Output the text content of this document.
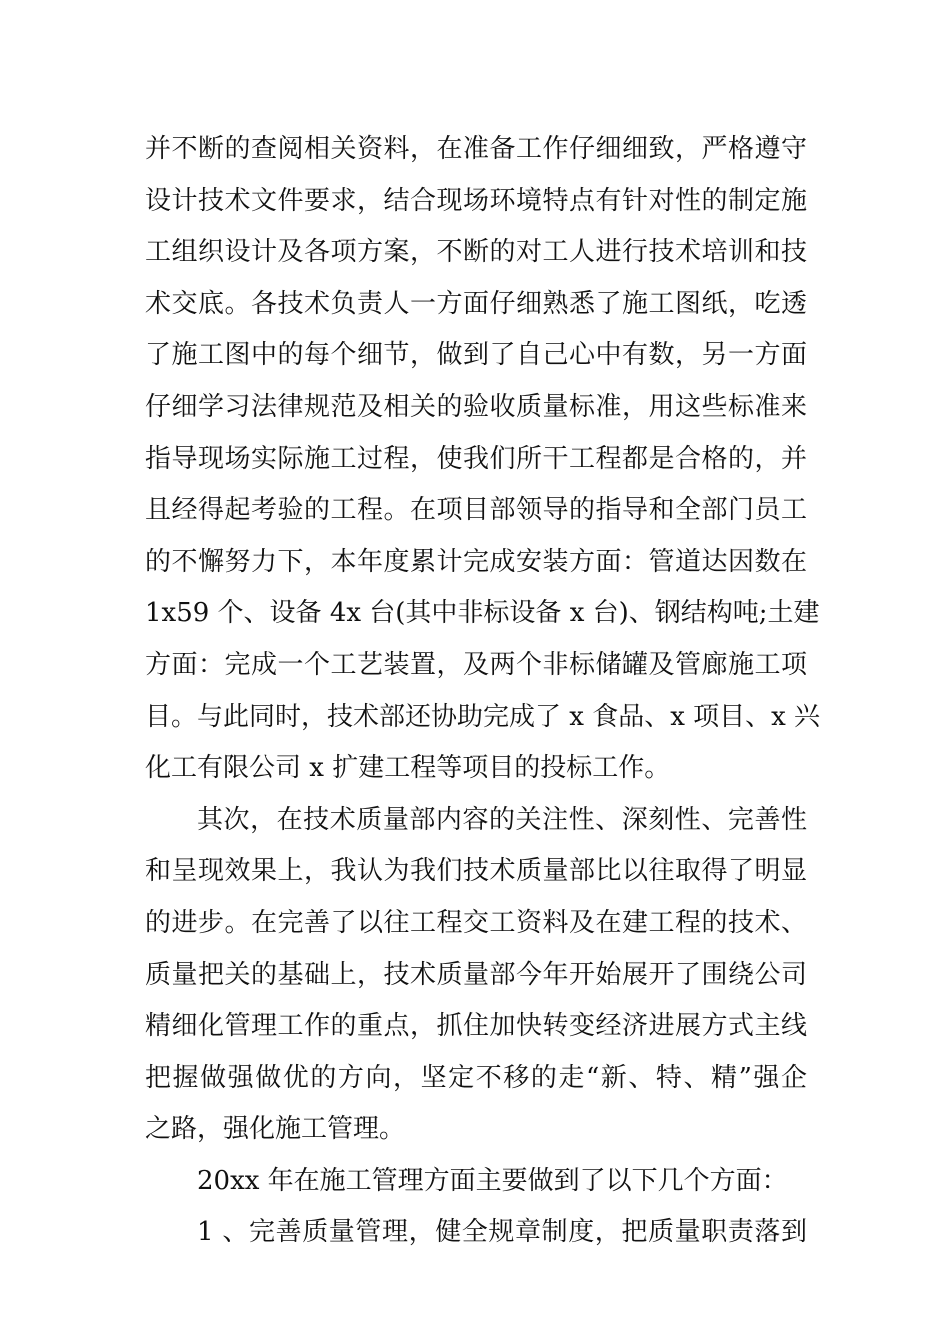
并不断的查阅相关资料，在准备工作仔细细致，严格遵守
设计技术文件要求，结合现场环境特点有针对性的制定施
工组织设计及各项方案，不断的对工人进行技术培训和技
术交底。各技术负责人一方面仔细熟悉了施工图纸，吃透
了施工图中的每个细节，做到了自己心中有数，另一方面
仔细学习法律规范及相关的验收质量标准，用这些标准来
指导现场实际施工过程，使我们所干工程都是合格的，并
且经得起考验的工程。在项目部领导的指导和全部门员工
的不懈努力下，本年度累计完成安装方面：管道达因数在
1x59 个、设备 4x 台(其中非标设备 x 台)、钢结构吨;土建
方面：完成一个工艺装置，及两个非标储罐及管廊施工项
目。与此同时，技术部还协助完成了 x 食品、x 项目、x 兴
化工有限公司 x 扩建工程等项目的投标工作。
其次，在技术质量部内容的关注性、深刻性、完善性
和呈现效果上，我认为我们技术质量部比以往取得了明显
的进步。在完善了以往工程交工资料及在建工程的技术、
质量把关的基础上，技术质量部今年开始展开了围绕公司
精细化管理工作的重点，抓住加快转变经济进展方式主线
把握做强做优的方向，坚定不移的走“新、特、精”强企
之路，强化施工管理。
20xx 年在施工管理方面主要做到了以下几个方面：
1 、完善质量管理，健全规章制度，把质量职责落到
